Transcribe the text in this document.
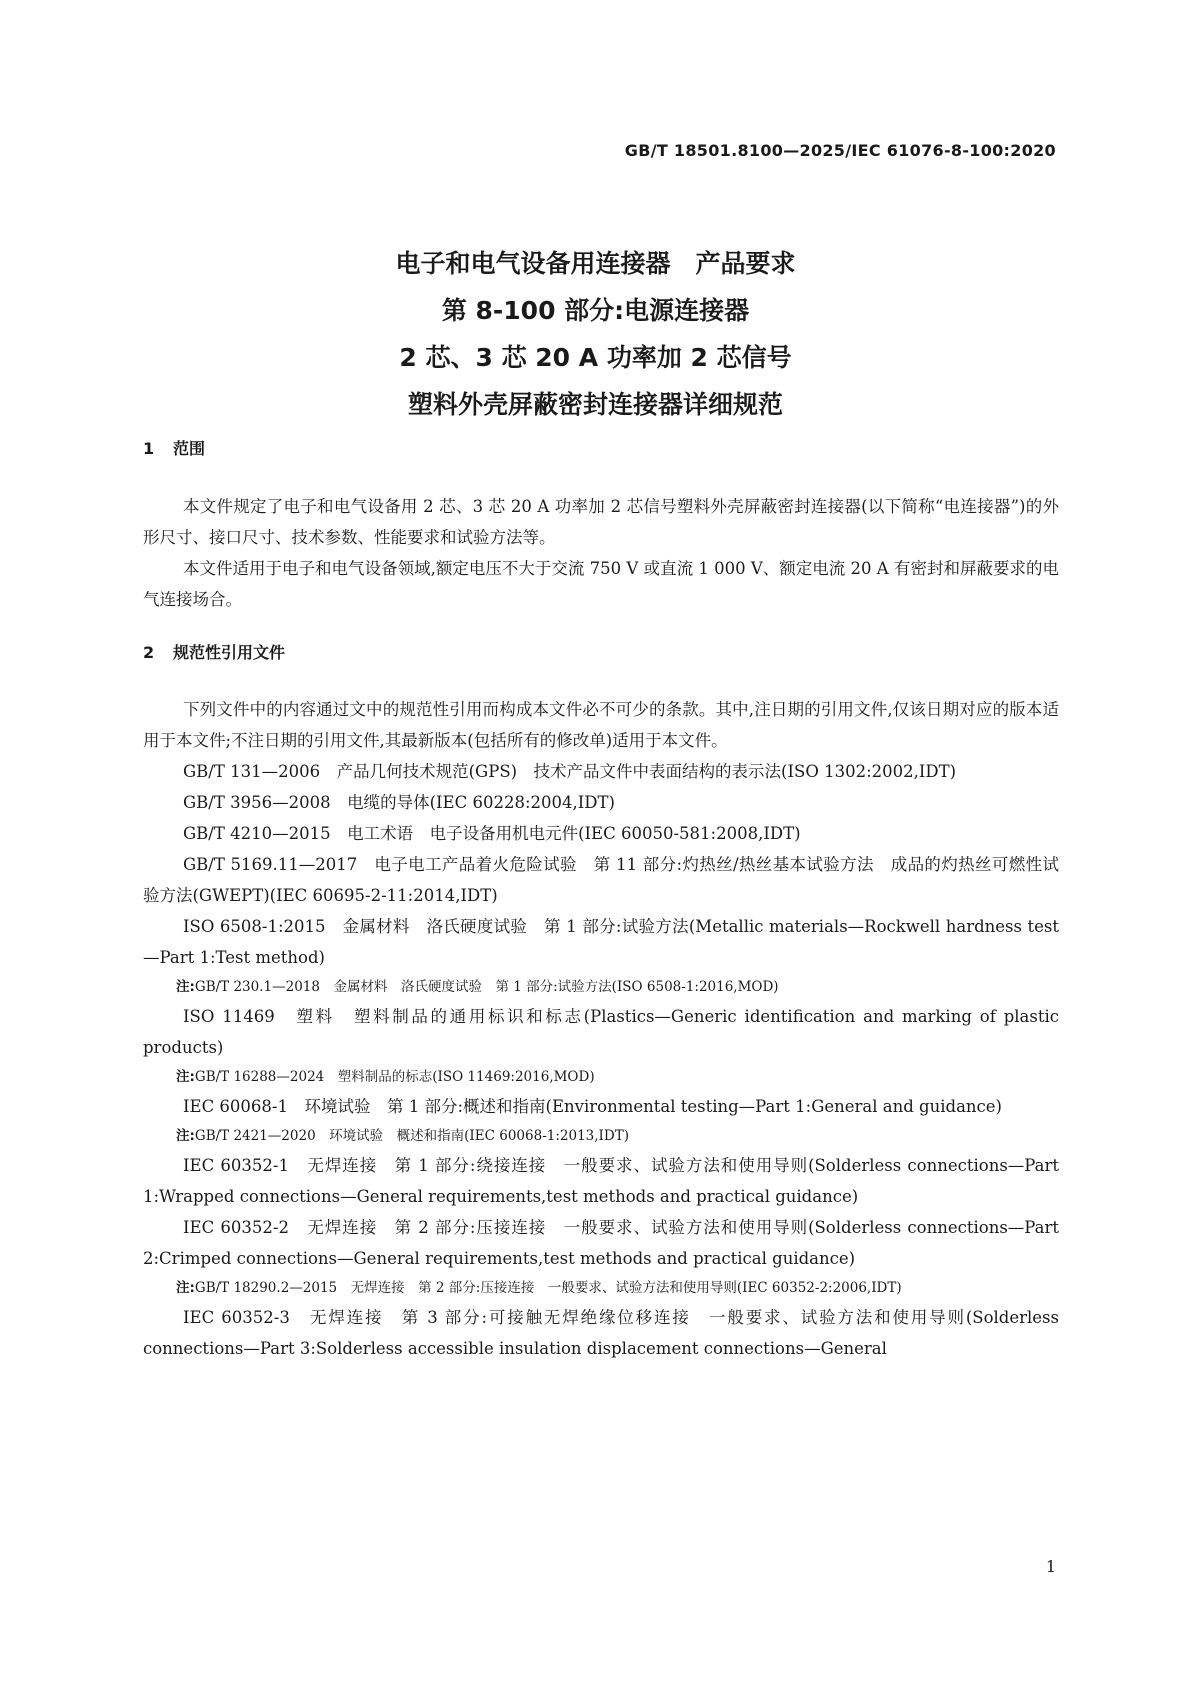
GB/T 18501.8100—2025/IEC 61076-8-100:2020
电子和电气设备用连接器　产品要求
第 8-100 部分:电源连接器
2 芯、3 芯 20 A 功率加 2 芯信号
塑料外壳屏蔽密封连接器详细规范
1 范围

本文件规定了电子和电气设备用 2 芯、3 芯 20 A 功率加 2 芯信号塑料外壳屏蔽密封连接器(以下简称“电连接器”)的外形尺寸、接口尺寸、技术参数、性能要求和试验方法等。

本文件适用于电子和电气设备领域,额定电压不大于交流 750 V 或直流 1 000 V、额定电流 20 A 有密封和屏蔽要求的电气连接场合。

2 规范性引用文件

下列文件中的内容通过文中的规范性引用而构成本文件必不可少的条款。其中,注日期的引用文件,仅该日期对应的版本适用于本文件;不注日期的引用文件,其最新版本(包括所有的修改单)适用于本文件。

GB/T 131—2006　产品几何技术规范(GPS)　技术产品文件中表面结构的表示法(ISO 1302:2002,IDT)

GB/T 3956—2008　电缆的导体(IEC 60228:2004,IDT)

GB/T 4210—2015　电工术语　电子设备用机电元件(IEC 60050-581:2008,IDT)

GB/T 5169.11—2017　电子电工产品着火危险试验　第 11 部分:灼热丝/热丝基本试验方法　成品的灼热丝可燃性试验方法(GWEPT)(IEC 60695-2-11:2014,IDT)

ISO 6508-1:2015　金属材料　洛氏硬度试验　第 1 部分:试验方法(Metallic materials—Rockwell hardness test—Part 1:Test method)

注:GB/T 230.1—2018　金属材料　洛氏硬度试验　第 1 部分:试验方法(ISO 6508-1:2016,MOD)

ISO 11469　塑料　塑料制品的通用标识和标志(Plastics—Generic identification and marking of plastic products)

注:GB/T 16288—2024　塑料制品的标志(ISO 11469:2016,MOD)

IEC 60068-1　环境试验　第 1 部分:概述和指南(Environmental testing—Part 1:General and guidance)

注:GB/T 2421—2020　环境试验　概述和指南(IEC 60068-1:2013,IDT)

IEC 60352-1　无焊连接　第 1 部分:绕接连接　一般要求、试验方法和使用导则(Solderless connections—Part 1:Wrapped connections—General requirements,test methods and practical guidance)

IEC 60352-2　无焊连接　第 2 部分:压接连接　一般要求、试验方法和使用导则(Solderless connections—Part 2:Crimped connections—General requirements,test methods and practical guidance)

注:GB/T 18290.2—2015　无焊连接　第 2 部分:压接连接　一般要求、试验方法和使用导则(IEC 60352-2:2006,IDT)

IEC 60352-3　无焊连接　第 3 部分:可接触无焊绝缘位移连接　一般要求、试验方法和使用导则(Solderless connections—Part 3:Solderless accessible insulation displacement connections—General

1
